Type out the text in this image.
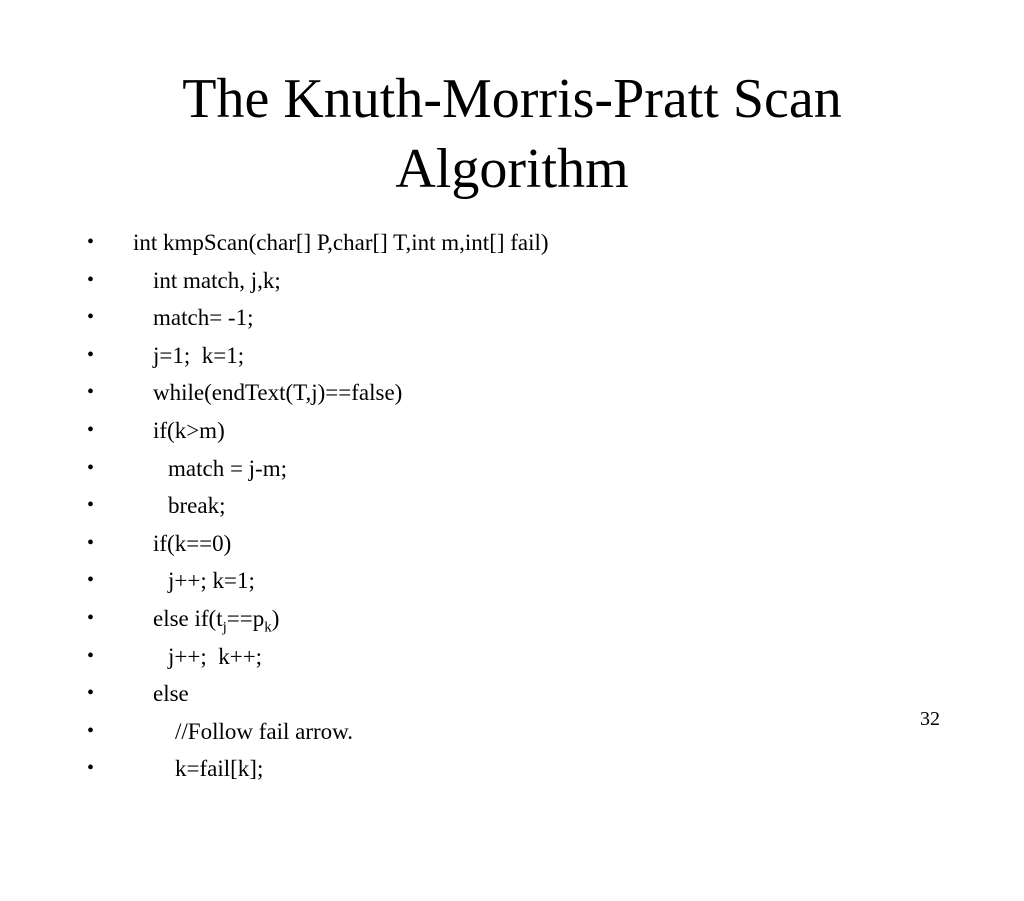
The Knuth-Morris-Pratt Scan
Algorithm

•

int kmpScan(char[] P,char[] T,int m,int[] fail)

•

	int match, j,k;

•

	match= -1;

•

	j=1;  k=1;

•

	while(endText(T,j)==false)

•

	if(k>m)

•

	match = j-m;

•

	break;

•

	if(k==0)

•

	j++; k=1;

•

	else $if(t_j==p_k)$

•

	j++;  k++;

•

	else

•

	//Follow fail arrow.

•

	k=fail[k];

32
